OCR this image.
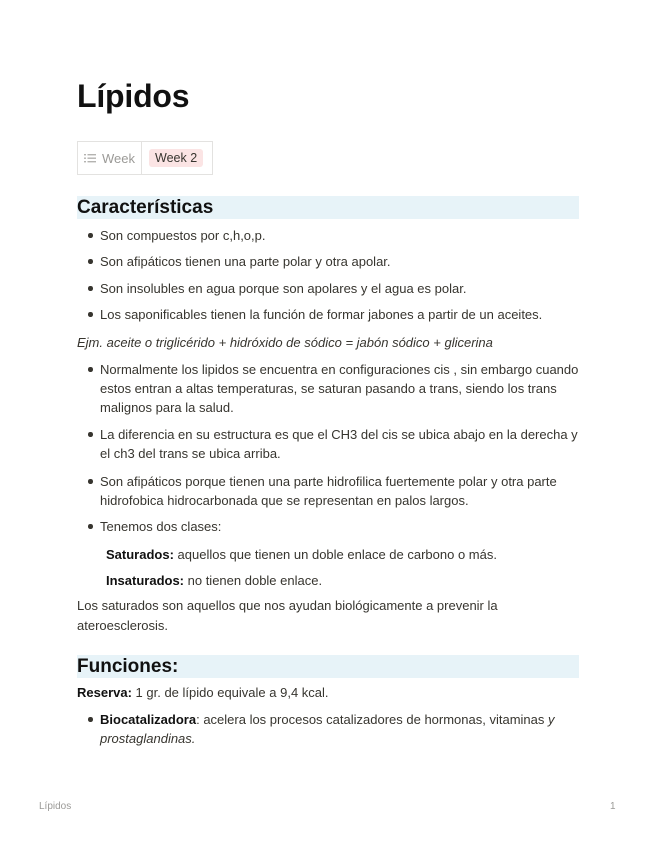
Lípidos
Week	Week 2
Características
Son compuestos por c,h,o,p.
Son afipáticos tienen una parte polar y otra apolar.
Son insolubles en agua porque son apolares y el agua es polar.
Los saponificables tienen la función de formar jabones a partir de un aceites.
Ejm. aceite o triglicérido + hidróxido de sódico = jabón sódico + glicerina
Normalmente los lipidos se encuentra en configuraciones cis , sin embargo cuando estos entran a altas temperaturas, se saturan pasando a trans, siendo los trans malignos para la salud.
La diferencia en su estructura es que el CH3 del cis se ubica abajo en la derecha y el ch3 del trans se ubica arriba.
Son afipáticos porque tienen una parte hidrofilica fuertemente polar y otra parte hidrofobica hidrocarbonada que se representan en palos largos.
Tenemos dos clases:
Saturados: aquellos que tienen un doble enlace de carbono o más.
Insaturados: no tienen doble enlace.
Los saturados son aquellos que nos ayudan biológicamente a prevenir la ateroesclerosis.
Funciones:
Reserva: 1 gr. de lípido equivale a 9,4 kcal.
Biocatalizadora: acelera los procesos catalizadores de hormonas, vitaminas y prostaglandinas.
Lípidos	1
